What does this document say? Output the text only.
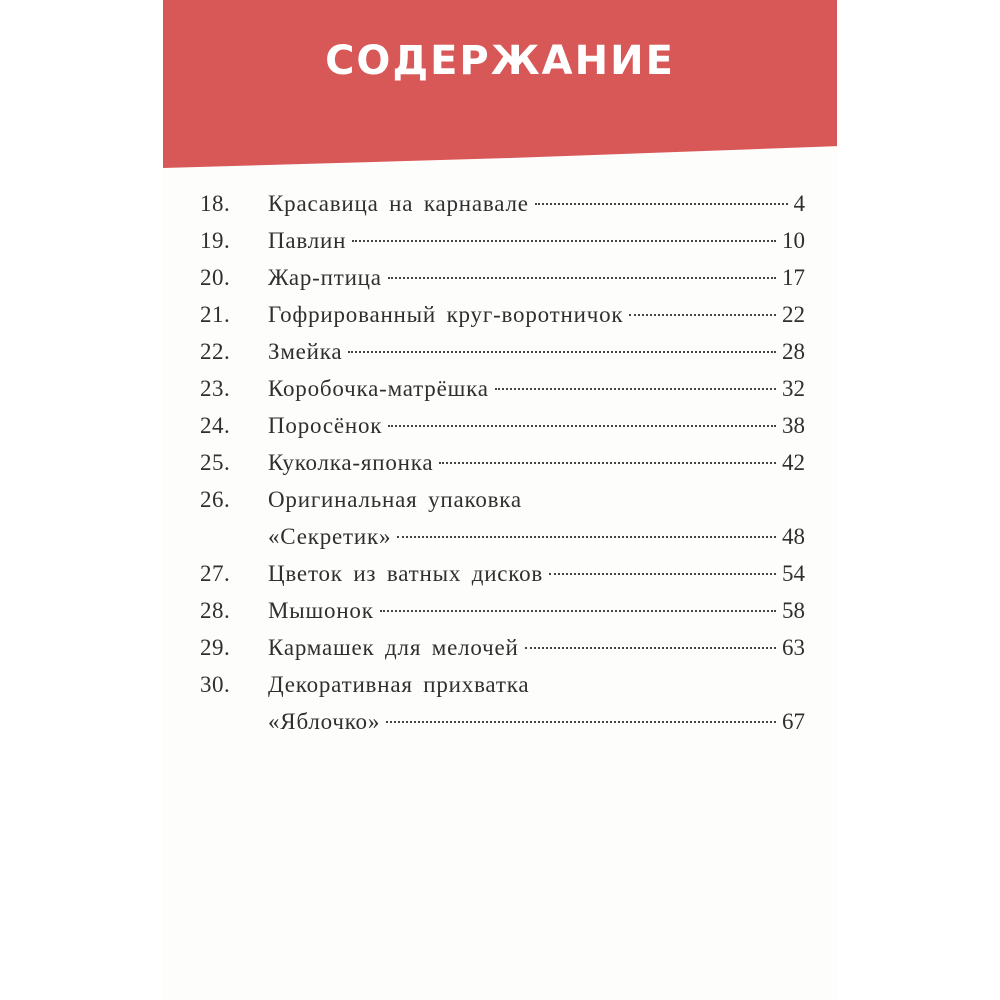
СОДЕРЖАНИЕ
18.	Красавица на карнавале	4
19.	Павлин	10
20.	Жар-птица	17
21.	Гофрированный круг-воротничок	22
22.	Змейка	28
23.	Коробочка-матрёшка	32
24.	Поросёнок	38
25.	Куколка-японка	42
26.	Оригинальная упаковка
«Секретик»	48
27.	Цветок из ватных дисков	54
28.	Мышонок	58
29.	Кармашек для мелочей	63
30.	Декоративная прихватка
«Яблочко»	67
